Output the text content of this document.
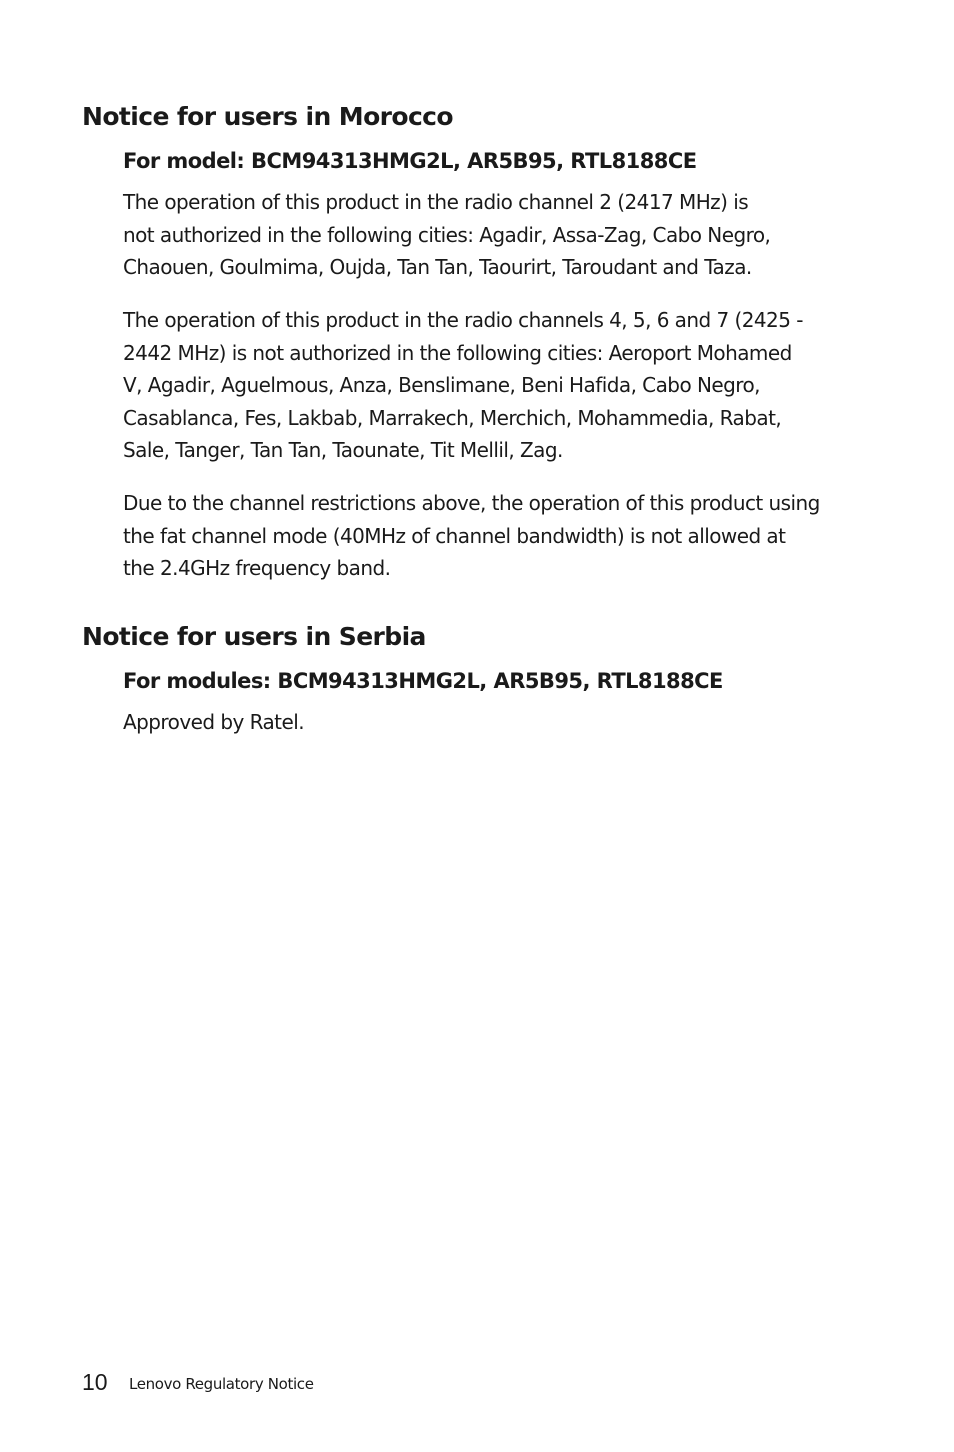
Notice for users in Morocco
For model: BCM94313HMG2L, AR5B95, RTL8188CE

The operation of this product in the radio channel 2 (2417 MHz) is
not authorized in the following cities: Agadir, Assa-Zag, Cabo Negro,
Chaouen, Goulmima, Oujda, Tan Tan, Taourirt, Taroudant and Taza.

The operation of this product in the radio channels 4, 5, 6 and 7 (2425 -
2442 MHz) is not authorized in the following cities: Aeroport Mohamed
V, Agadir, Aguelmous, Anza, Benslimane, Beni Hafida, Cabo Negro,
Casablanca, Fes, Lakbab, Marrakech, Merchich, Mohammedia, Rabat,
Sale, Tanger, Tan Tan, Taounate, Tit Mellil, Zag.

Due to the channel restrictions above, the operation of this product using
the fat channel mode (40MHz of channel bandwidth) is not allowed at
the 2.4GHz frequency band.

Notice for users in Serbia
For modules: BCM94313HMG2L, AR5B95, RTL8188CE

Approved by Ratel.

10 Lenovo Regulatory Notice
